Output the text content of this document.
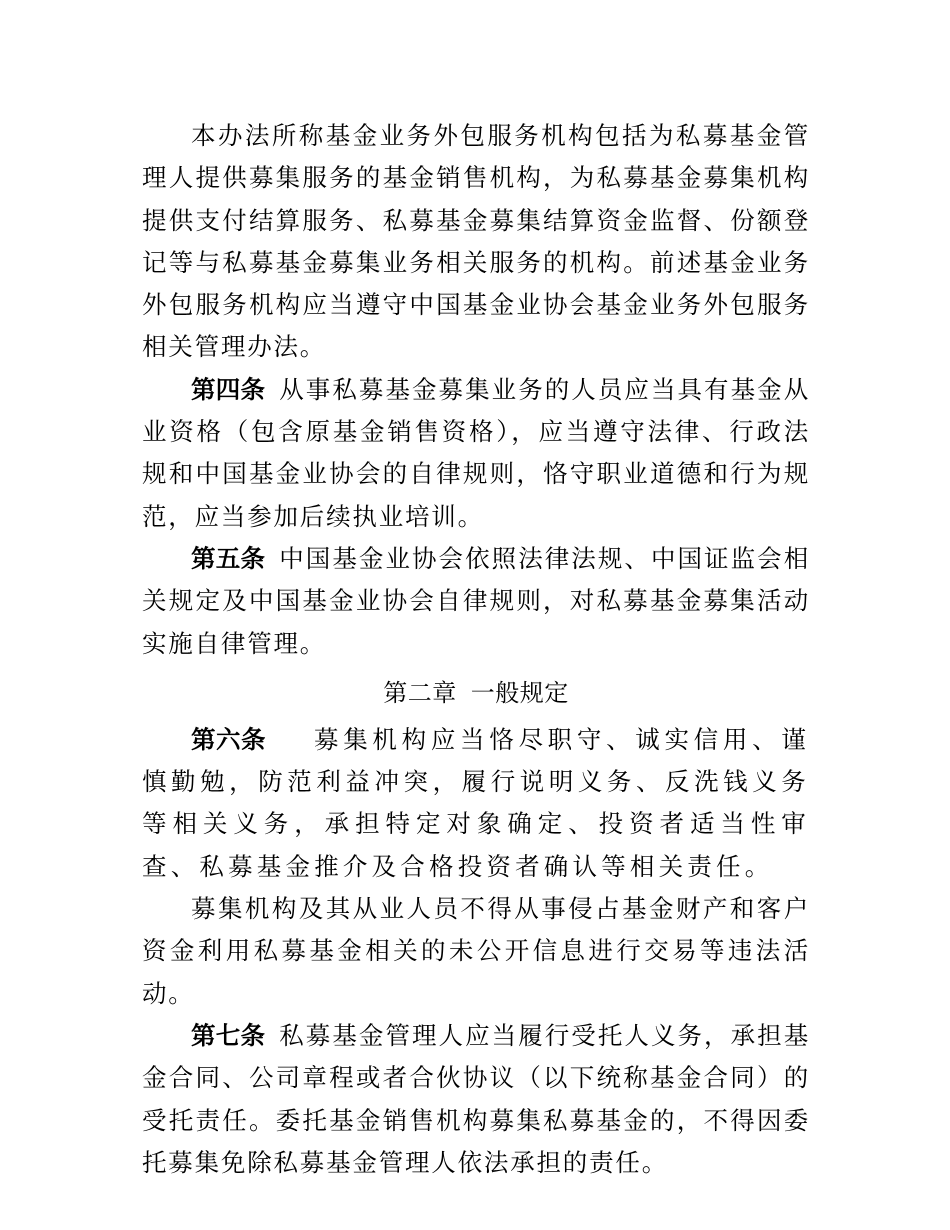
本办法所称基金业务外包服务机构包括为私募基金管理人提供募集服务的基金销售机构，为私募基金募集机构提供支付结算服务、私募基金募集结算资金监督、份额登记等与私募基金募集业务相关服务的机构。前述基金业务外包服务机构应当遵守中国基金业协会基金业务外包服务相关管理办法。

第四条 从事私募基金募集业务的人员应当具有基金从业资格（包含原基金销售资格），应当遵守法律、行政法规和中国基金业协会的自律规则，恪守职业道德和行为规范，应当参加后续执业培训。

第五条 中国基金业协会依照法律法规、中国证监会相关规定及中国基金业协会自律规则，对私募基金募集活动实施自律管理。

第二章 一般规定

第六条 募集机构应当恪尽职守、诚实信用、谨慎勤勉，防范利益冲突，履行说明义务、反洗钱义务等相关义务，承担特定对象确定、投资者适当性审查、私募基金推介及合格投资者确认等相关责任。

募集机构及其从业人员不得从事侵占基金财产和客户资金利用私募基金相关的未公开信息进行交易等违法活动。

第七条 私募基金管理人应当履行受托人义务，承担基金合同、公司章程或者合伙协议（以下统称基金合同）的受托责任。委托基金销售机构募集私募基金的，不得因委托募集免除私募基金管理人依法承担的责任。
